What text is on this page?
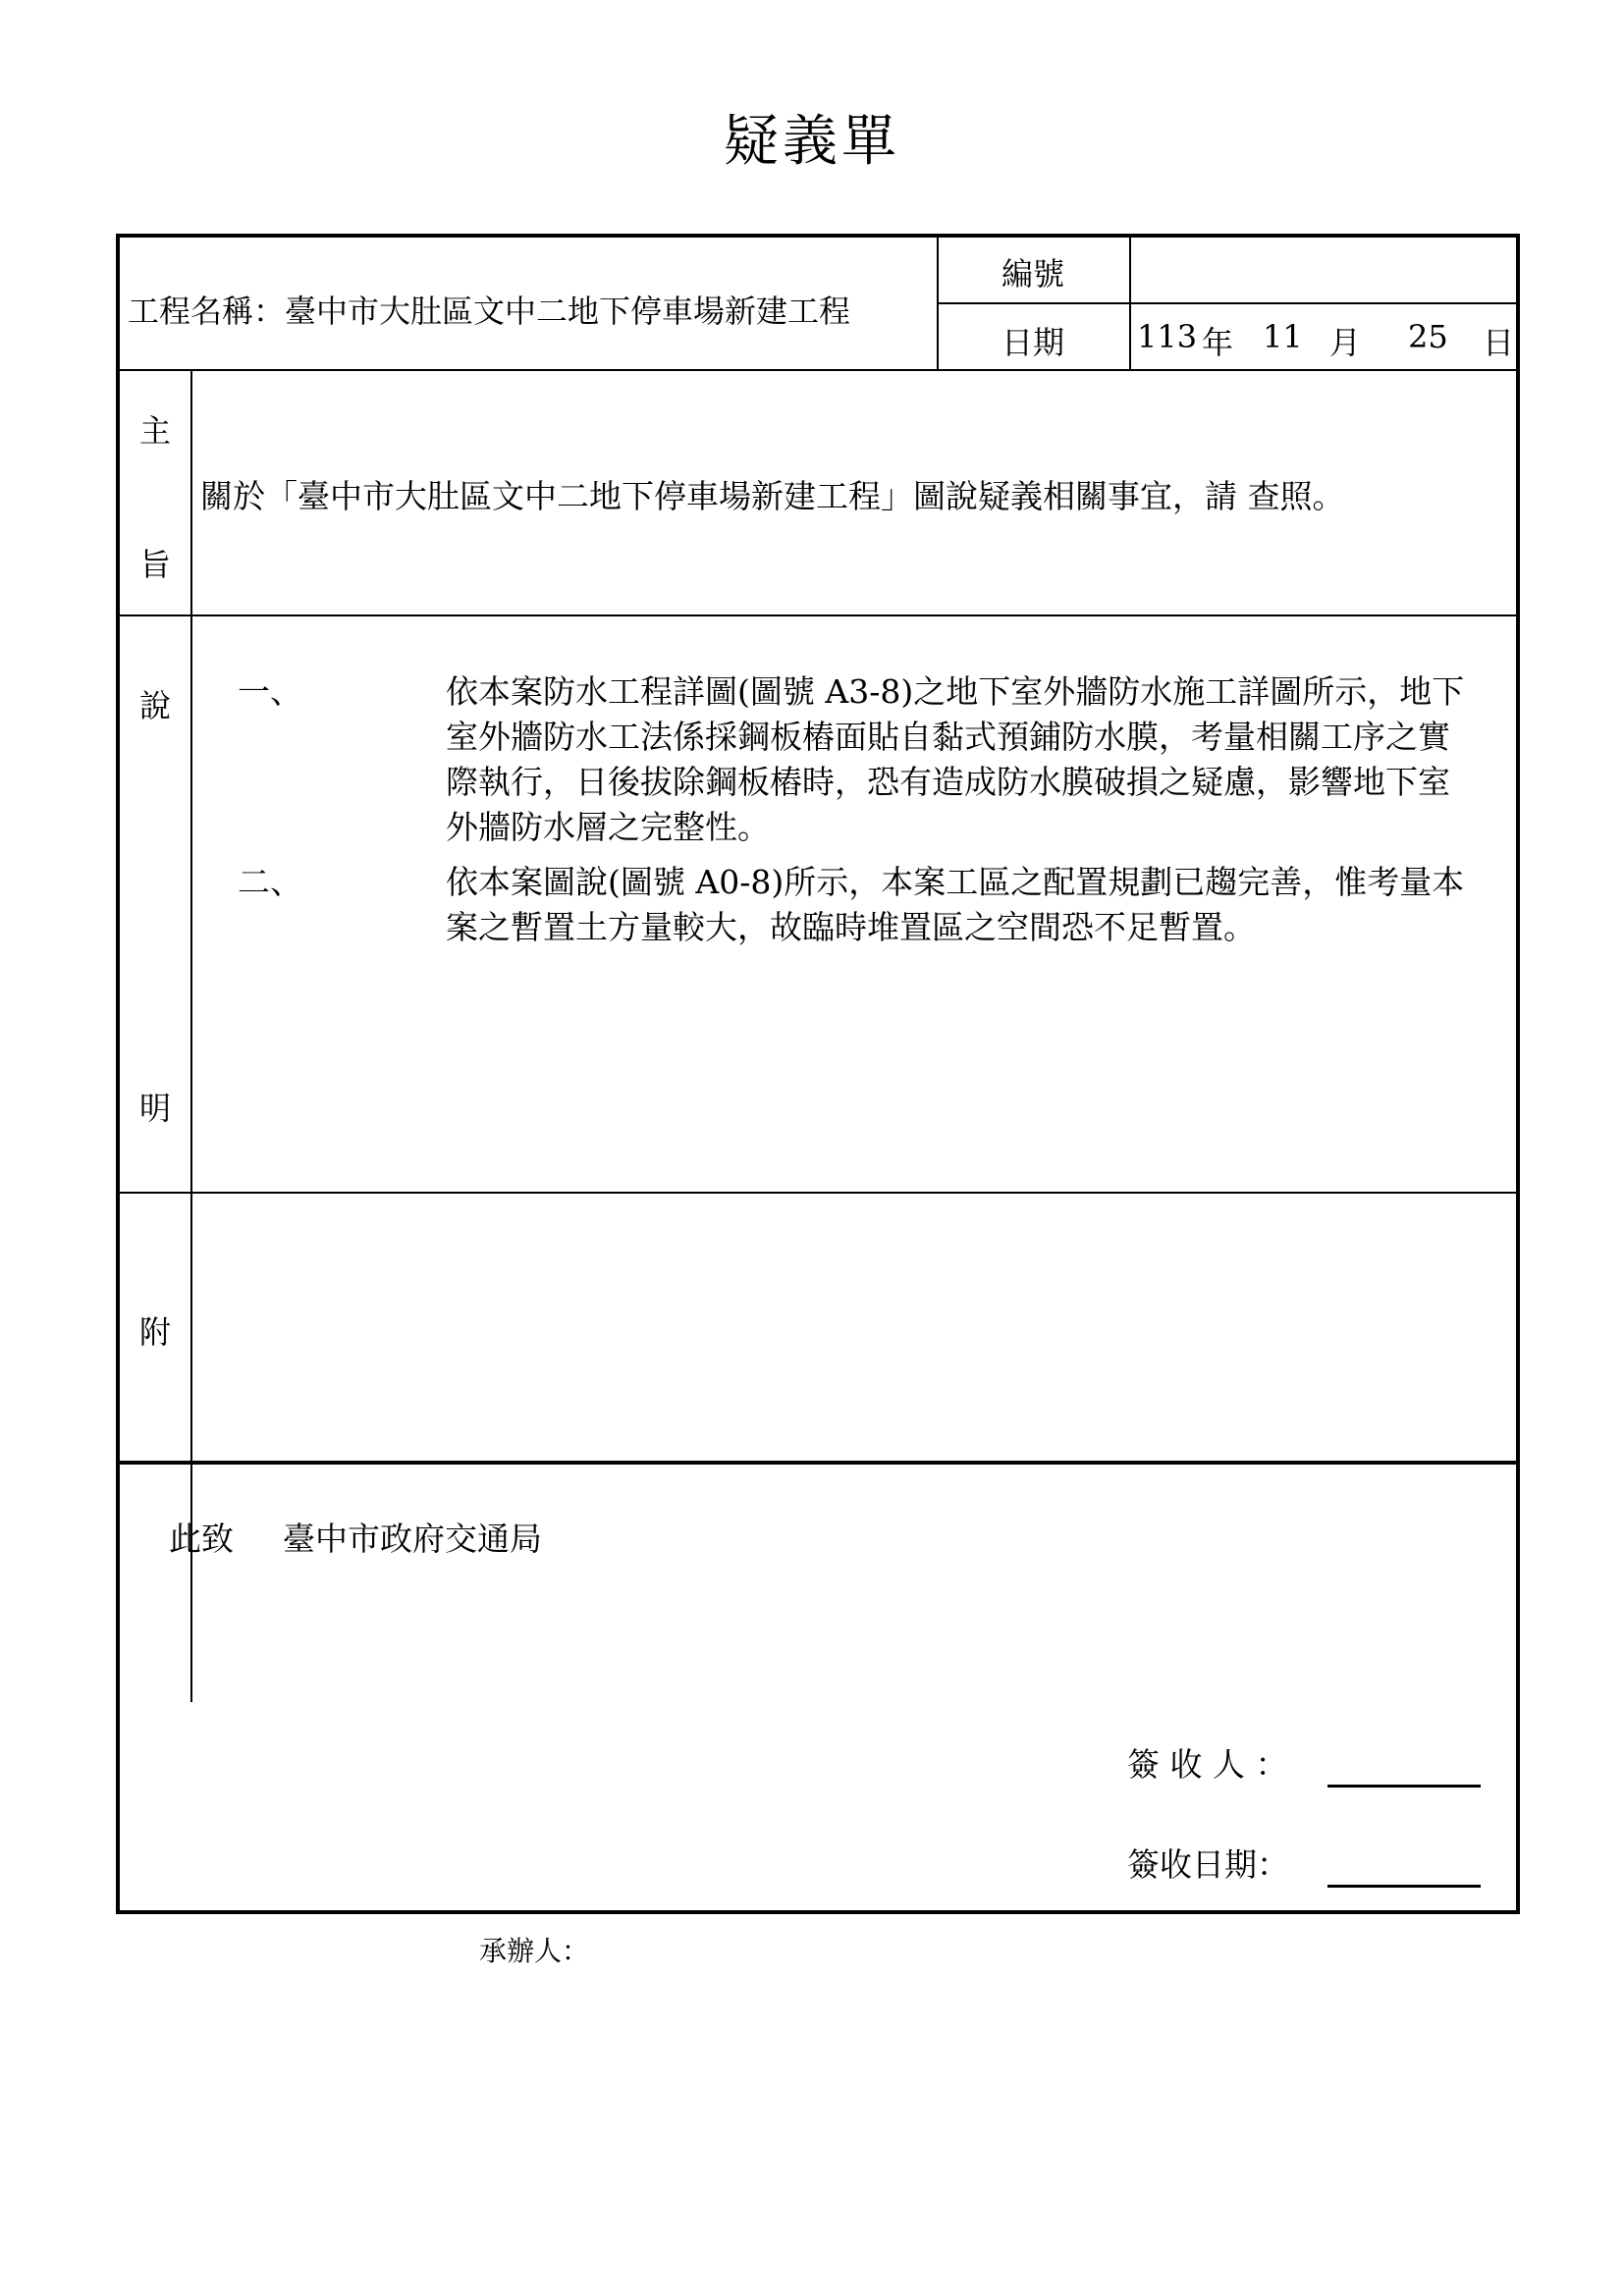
疑義單
工程名稱：臺中市大肚區文中二地下停車場新建工程
編號
日期	113 年 11 月 25 日
主
旨
關於「臺中市大肚區文中二地下停車場新建工程」圖說疑義相關事宜，請 查照。
說
明
一、	依本案防水工程詳圖(圖號 A3-8)之地下室外牆防水施工詳圖所示，地下
室外牆防水工法係採鋼板樁面貼自黏式預鋪防水膜，考量相關工序之實
際執行，日後拔除鋼板樁時，恐有造成防水膜破損之疑慮，影響地下室
外牆防水層之完整性。
二、	依本案圖說(圖號 A0-8)所示，本案工區之配置規劃已趨完善，惟考量本
案之暫置土方量較大，故臨時堆置區之空間恐不足暫置。
附
此致 臺中市政府交通局
簽 收 人 ：
簽收日期：
承辦人：
